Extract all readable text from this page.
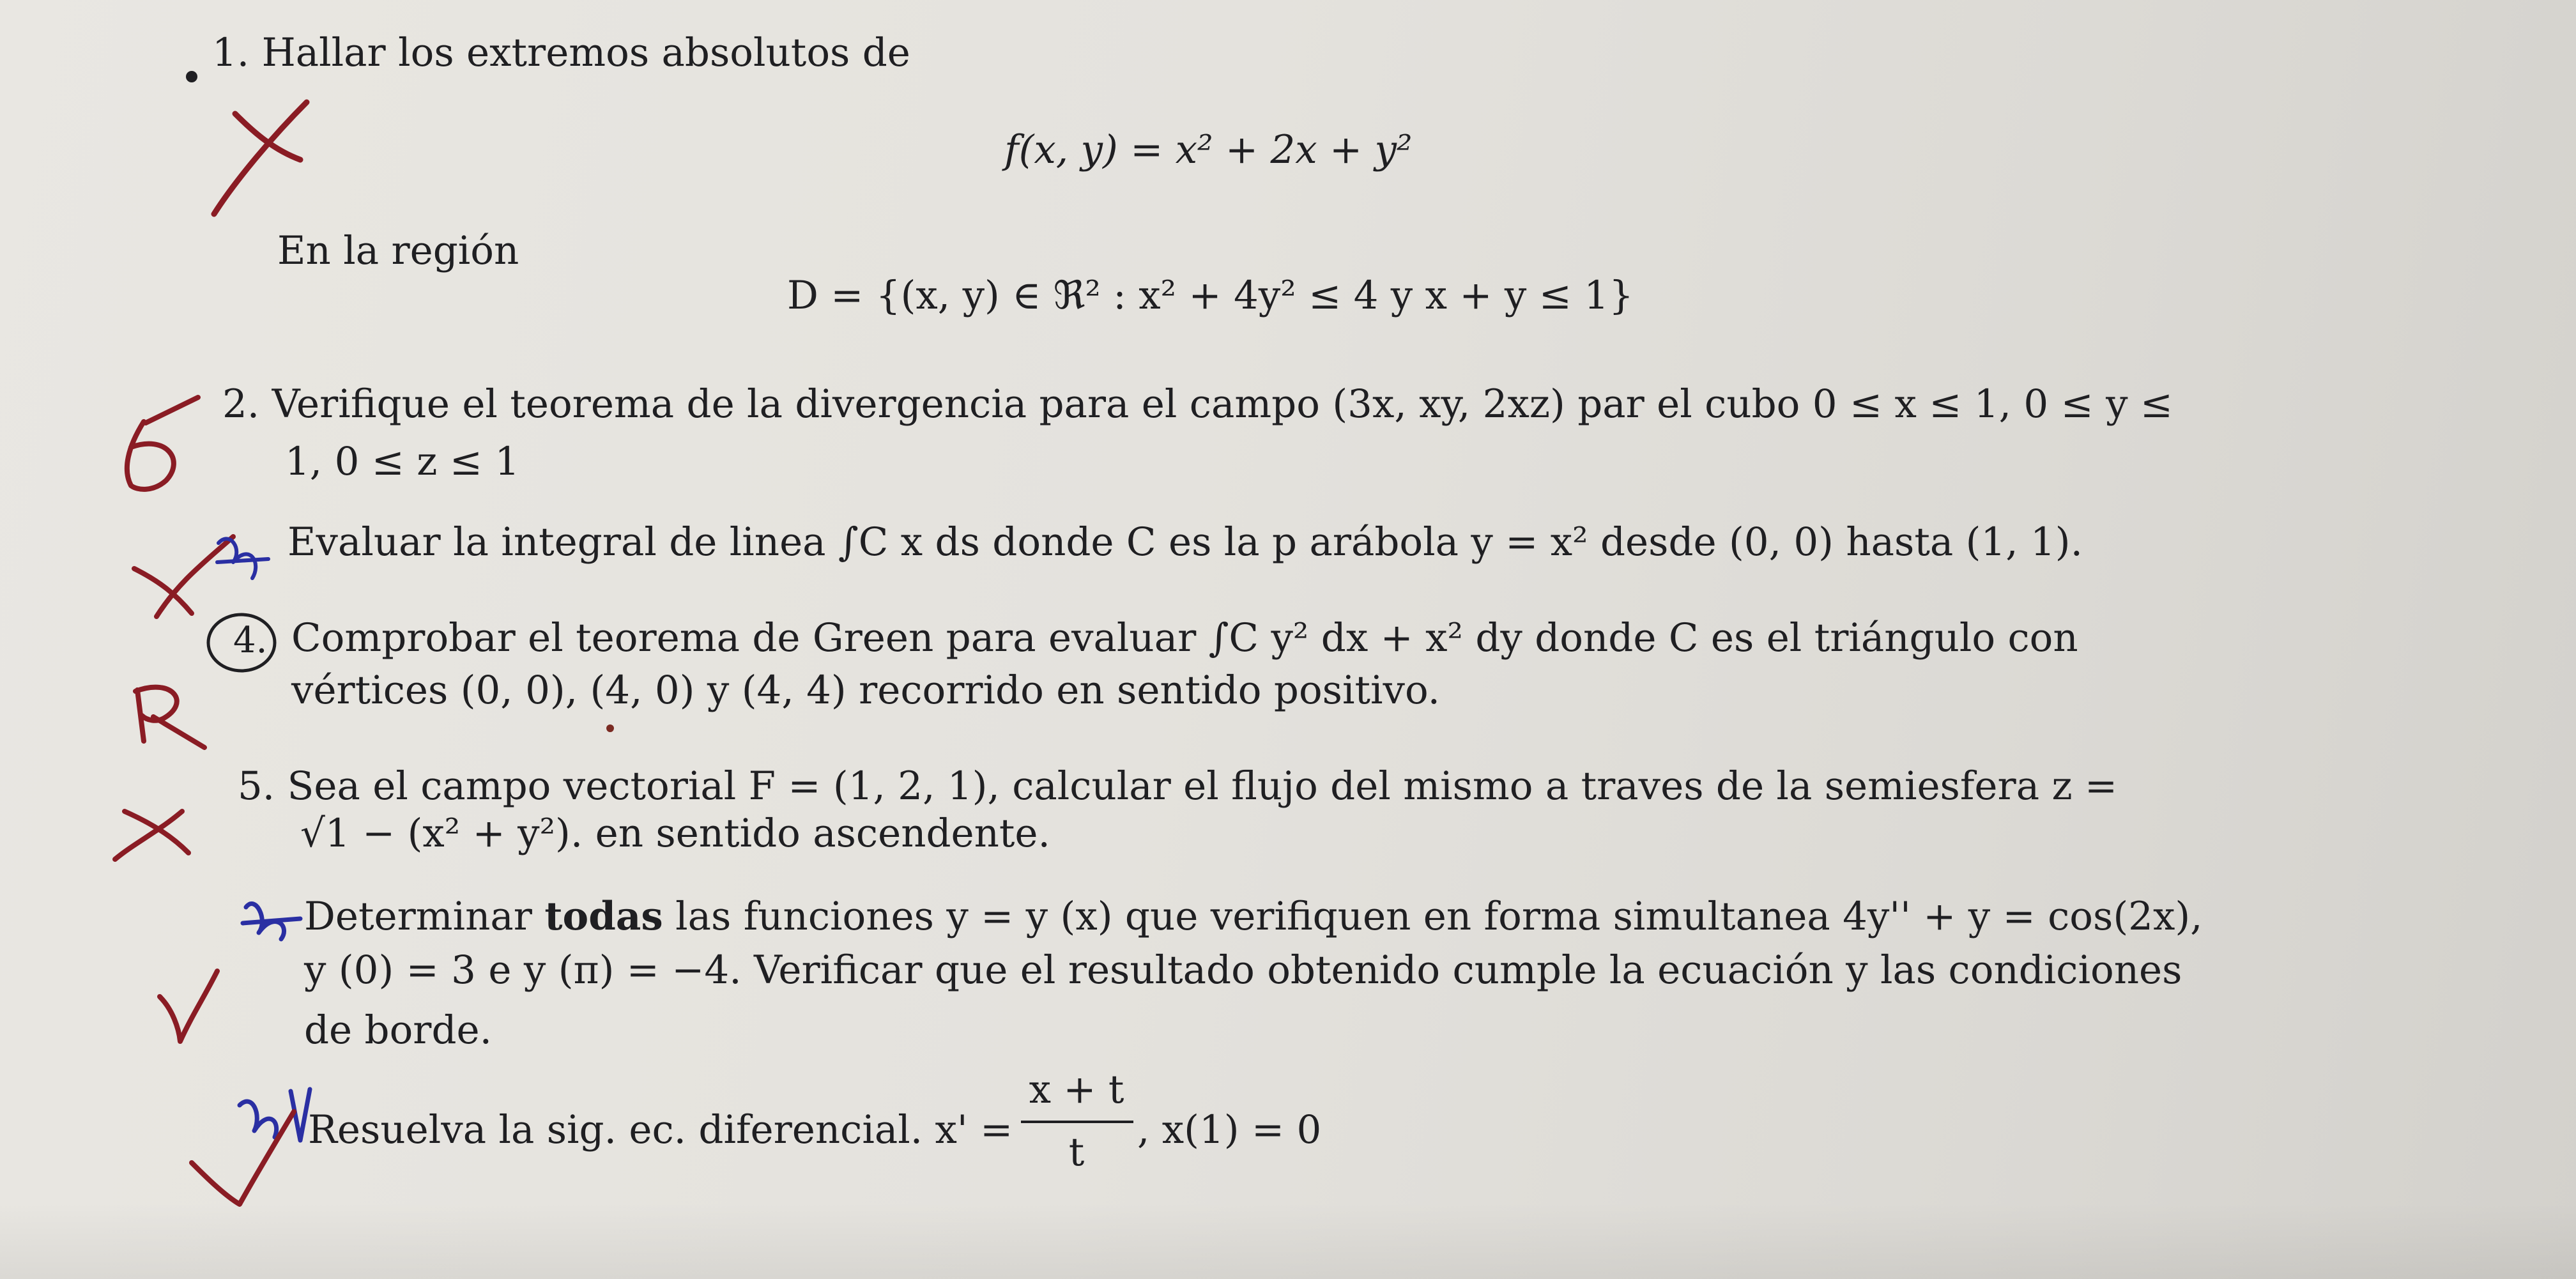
1. Hallar los extremos absolutos de
f(x, y) = x² + 2x + y²
En la región
D = {(x, y) ∈ ℜ² : x² + 4y² ≤ 4 y x + y ≤ 1}
2. Verifique el teorema de la divergencia para el campo (3x, xy, 2xz) par el cubo 0 ≤ x ≤ 1, 0 ≤ y ≤
1, 0 ≤ z ≤ 1
Evaluar la integral de linea ∫C x ds donde C es la p arábola y = x² desde (0, 0) hasta (1, 1).
4. Comprobar el teorema de Green para evaluar ∫C y² dx + x² dy donde C es el triángulo con
vértices (0, 0), (4, 0) y (4, 4) recorrido en sentido positivo.
5. Sea el campo vectorial F = (1, 2, 1), calcular el flujo del mismo a traves de la semiesfera z =
√1 − (x² + y²). en sentido ascendente.
Determinar todas las funciones y = y (x) que verifiquen en forma simultanea 4y'' + y = cos(2x),
y (0) = 3 e y (π) = −4. Verificar que el resultado obtenido cumple la ecuación y las condiciones
de borde.
Resuelva la sig. ec. diferencial. x' =
x + t
t	, x(1) = 0
